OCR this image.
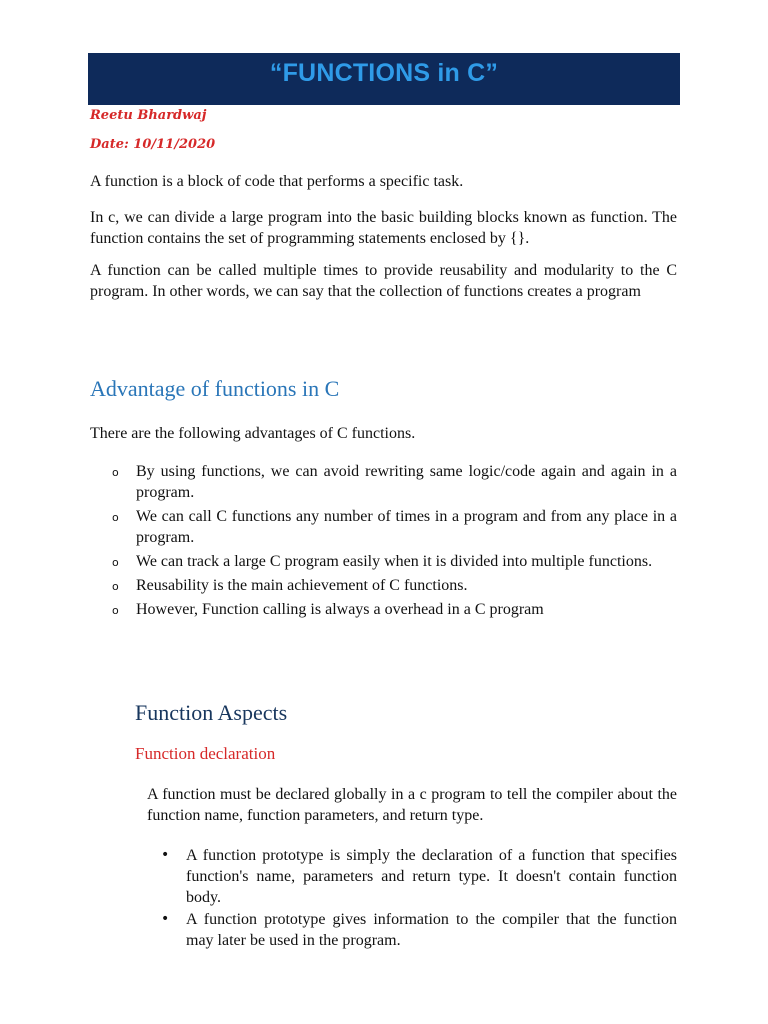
“FUNCTIONS in C”
Reetu Bhardwaj
Date: 10/11/2020

A function is a block of code that performs a specific task.

In c, we can divide a large program into the basic building blocks known as function. The function contains the set of programming statements enclosed by {}.

A function can be called multiple times to provide reusability and modularity to the C program. In other words, we can say that the collection of functions creates a program

Advantage of functions in C

There are the following advantages of C functions.

o By using functions, we can avoid rewriting same logic/code again and again in a program.
o We can call C functions any number of times in a program and from any place in a program.
o We can track a large C program easily when it is divided into multiple functions.
o Reusability is the main achievement of C functions.
o However, Function calling is always a overhead in a C program
Function Aspects
Function declaration

A function must be declared globally in a c program to tell the compiler about the function name, function parameters, and return type.

• A function prototype is simply the declaration of a function that specifies function's name, parameters and return type. It doesn't contain function body.
• A function prototype gives information to the compiler that the function may later be used in the program.
